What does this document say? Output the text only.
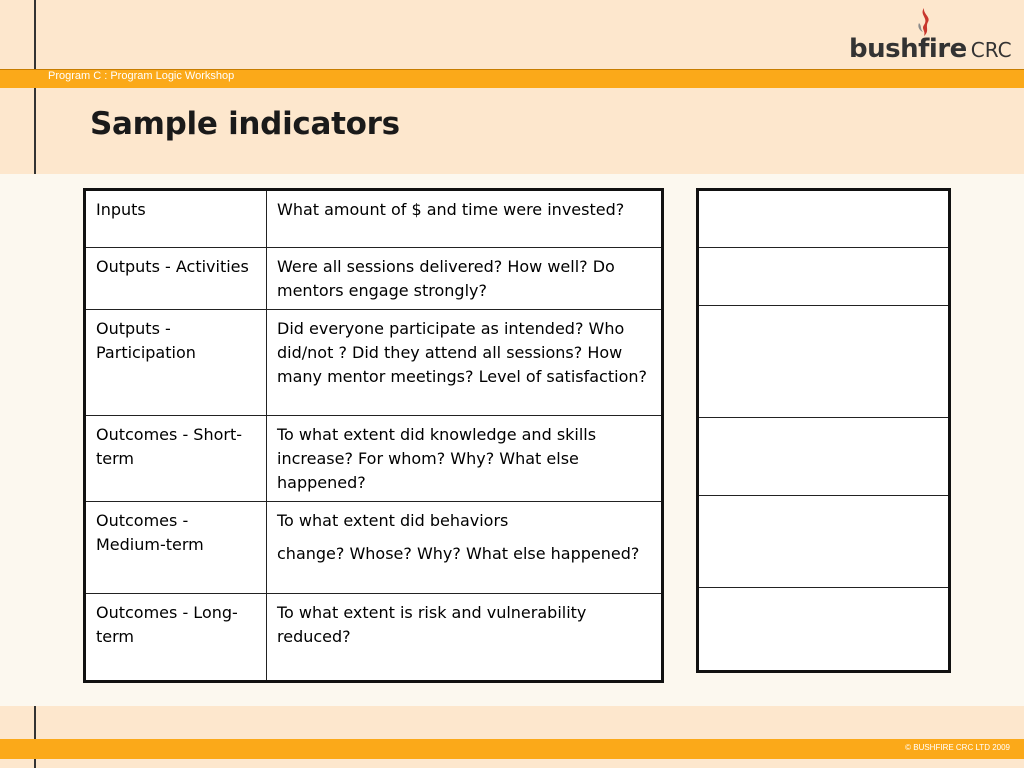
bushfire CRC
Program C : Program Logic Workshop
Sample indicators
Inputs	What amount of $ and time were invested?
Outputs - Activities	Were all sessions delivered? How well? Do mentors engage strongly?
Outputs - Participation	Did everyone participate as intended? Who did/not ? Did they attend all sessions? How many mentor meetings? Level of satisfaction?
Outcomes - Short-term	To what extent did knowledge and skills increase? For whom? Why? What else happened?
Outcomes - Medium-term	To what extent did behaviors

change? Whose? Why? What else happened?

Outcomes - Long-term	To what extent is risk and vulnerability reduced?

© BUSHFIRE CRC LTD 2009
